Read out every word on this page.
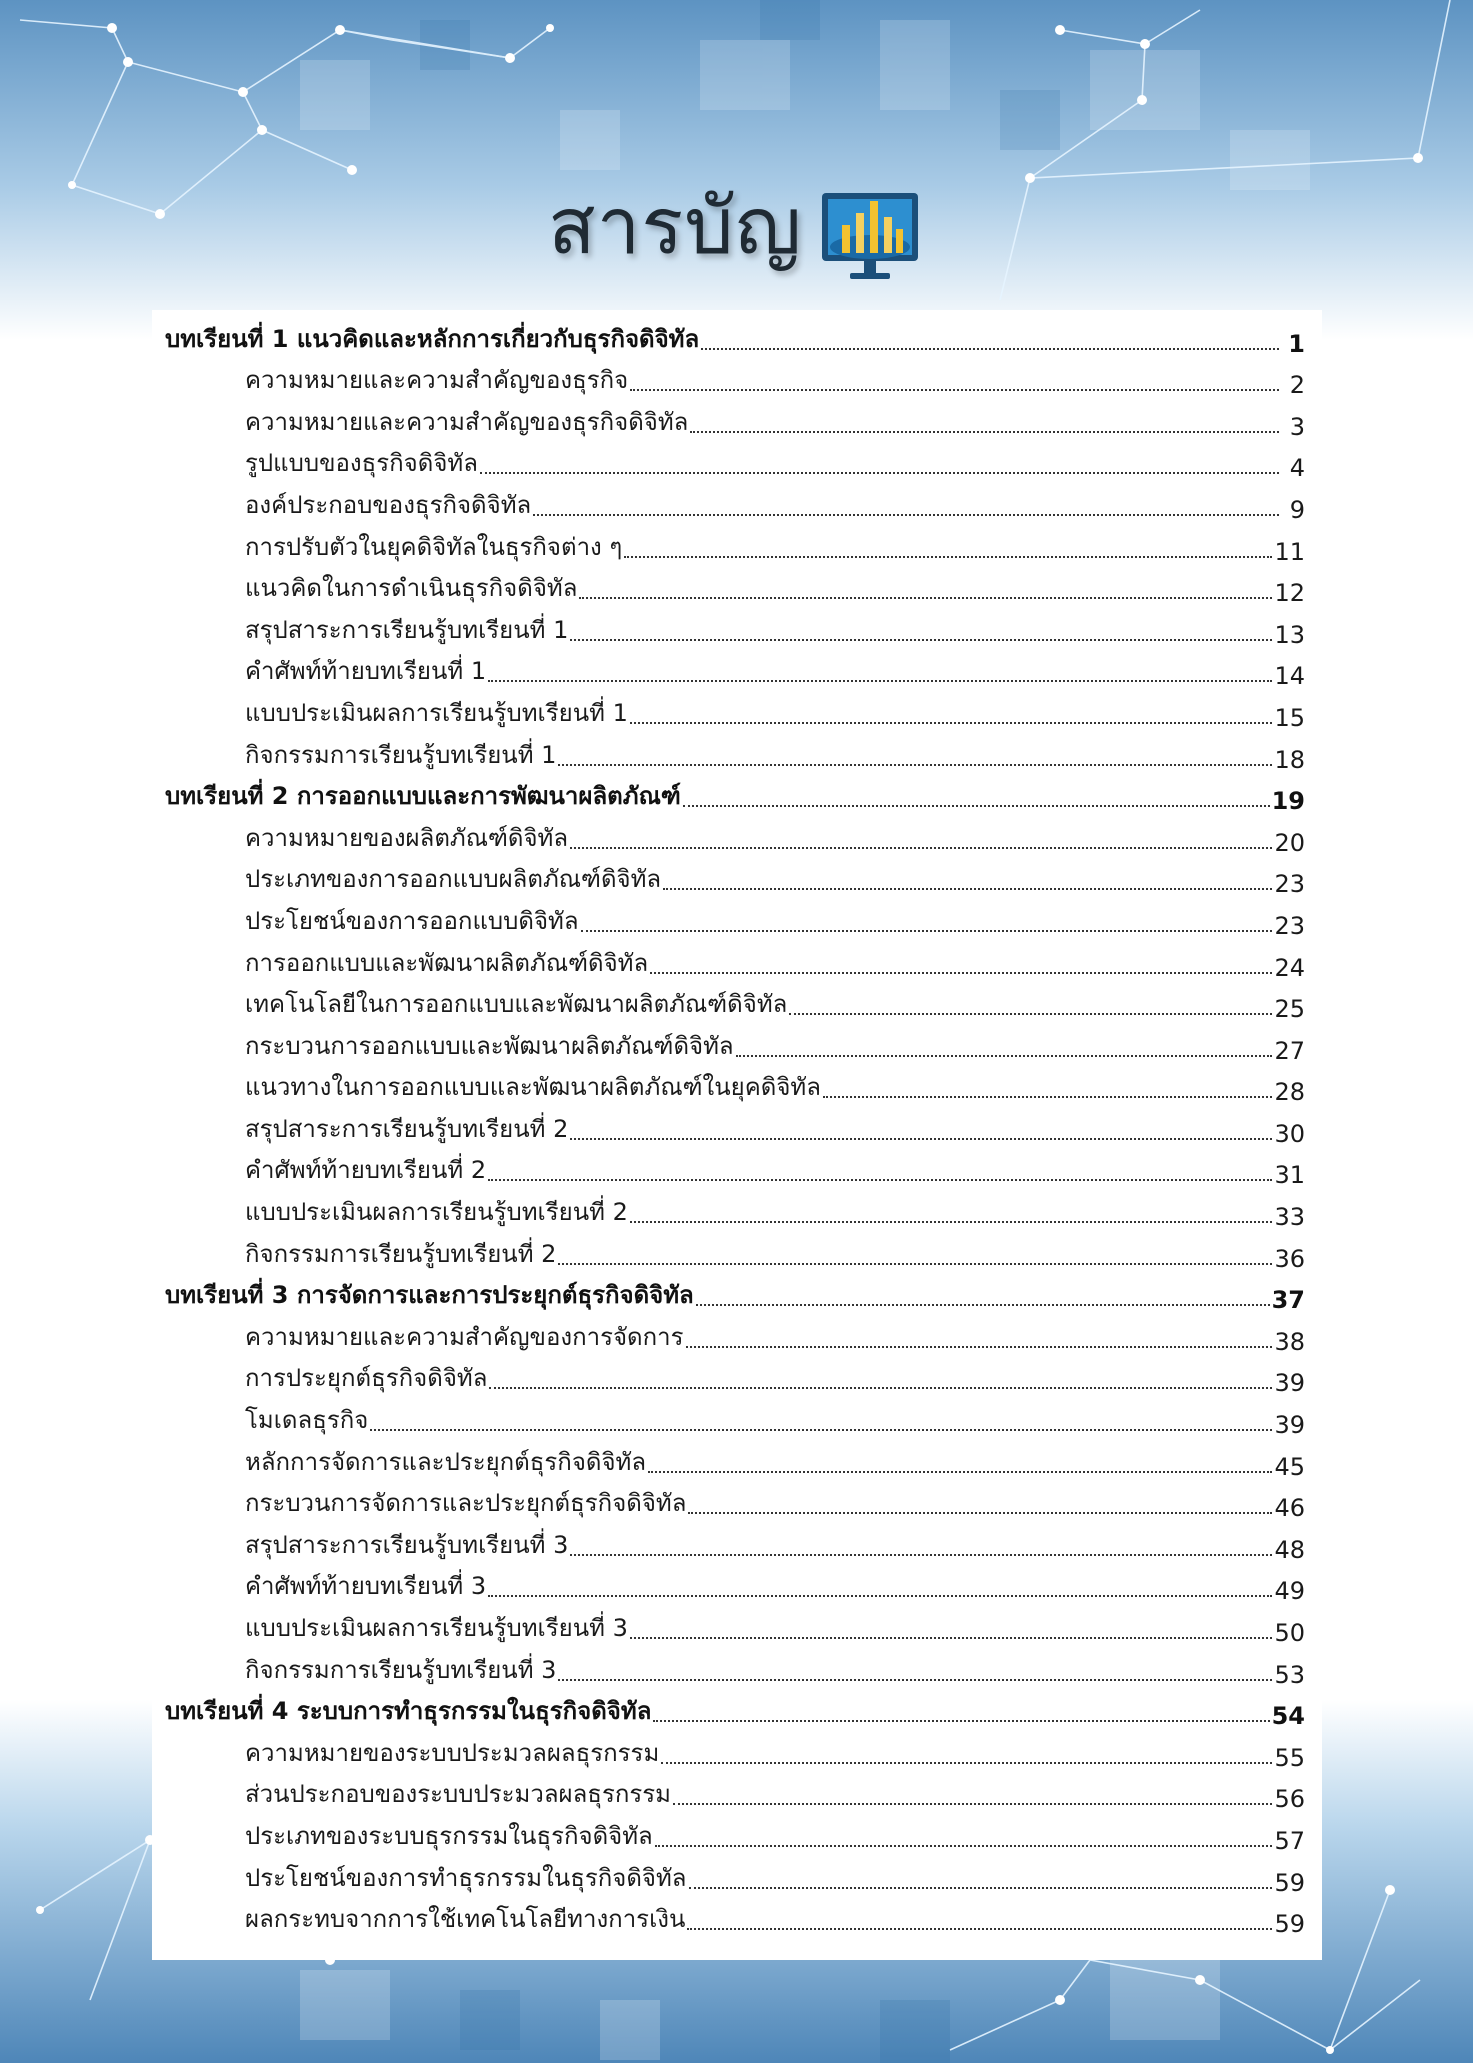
สารบัญ
บทเรียนที่ 1 แนวคิดและหลักการเกี่ยวกับธุรกิจดิจิทัล	1
ความหมายและความสำคัญของธุรกิจ	2
ความหมายและความสำคัญของธุรกิจดิจิทัล	3
รูปแบบของธุรกิจดิจิทัล	4
องค์ประกอบของธุรกิจดิจิทัล	9
การปรับตัวในยุคดิจิทัลในธุรกิจต่าง ๆ	11
แนวคิดในการดำเนินธุรกิจดิจิทัล	12
สรุปสาระการเรียนรู้บทเรียนที่ 1	13
คำศัพท์ท้ายบทเรียนที่ 1	14
แบบประเมินผลการเรียนรู้บทเรียนที่ 1	15
กิจกรรมการเรียนรู้บทเรียนที่ 1	18
บทเรียนที่ 2 การออกแบบและการพัฒนาผลิตภัณฑ์	19
ความหมายของผลิตภัณฑ์ดิจิทัล	20
ประเภทของการออกแบบผลิตภัณฑ์ดิจิทัล	23
ประโยชน์ของการออกแบบดิจิทัล	23
การออกแบบและพัฒนาผลิตภัณฑ์ดิจิทัล	24
เทคโนโลยีในการออกแบบและพัฒนาผลิตภัณฑ์ดิจิทัล	25
กระบวนการออกแบบและพัฒนาผลิตภัณฑ์ดิจิทัล	27
แนวทางในการออกแบบและพัฒนาผลิตภัณฑ์ในยุคดิจิทัล	28
สรุปสาระการเรียนรู้บทเรียนที่ 2	30
คำศัพท์ท้ายบทเรียนที่ 2	31
แบบประเมินผลการเรียนรู้บทเรียนที่ 2	33
กิจกรรมการเรียนรู้บทเรียนที่ 2	36
บทเรียนที่ 3 การจัดการและการประยุกต์ธุรกิจดิจิทัล	37
ความหมายและความสำคัญของการจัดการ	38
การประยุกต์ธุรกิจดิจิทัล	39
โมเดลธุรกิจ	39
หลักการจัดการและประยุกต์ธุรกิจดิจิทัล	45
กระบวนการจัดการและประยุกต์ธุรกิจดิจิทัล	46
สรุปสาระการเรียนรู้บทเรียนที่ 3	48
คำศัพท์ท้ายบทเรียนที่ 3	49
แบบประเมินผลการเรียนรู้บทเรียนที่ 3	50
กิจกรรมการเรียนรู้บทเรียนที่ 3	53
บทเรียนที่ 4 ระบบการทำธุรกรรมในธุรกิจดิจิทัล	54
ความหมายของระบบประมวลผลธุรกรรม	55
ส่วนประกอบของระบบประมวลผลธุรกรรม	56
ประเภทของระบบธุรกรรมในธุรกิจดิจิทัล	57
ประโยชน์ของการทำธุรกรรมในธุรกิจดิจิทัล	59
ผลกระทบจากการใช้เทคโนโลยีทางการเงิน	59
